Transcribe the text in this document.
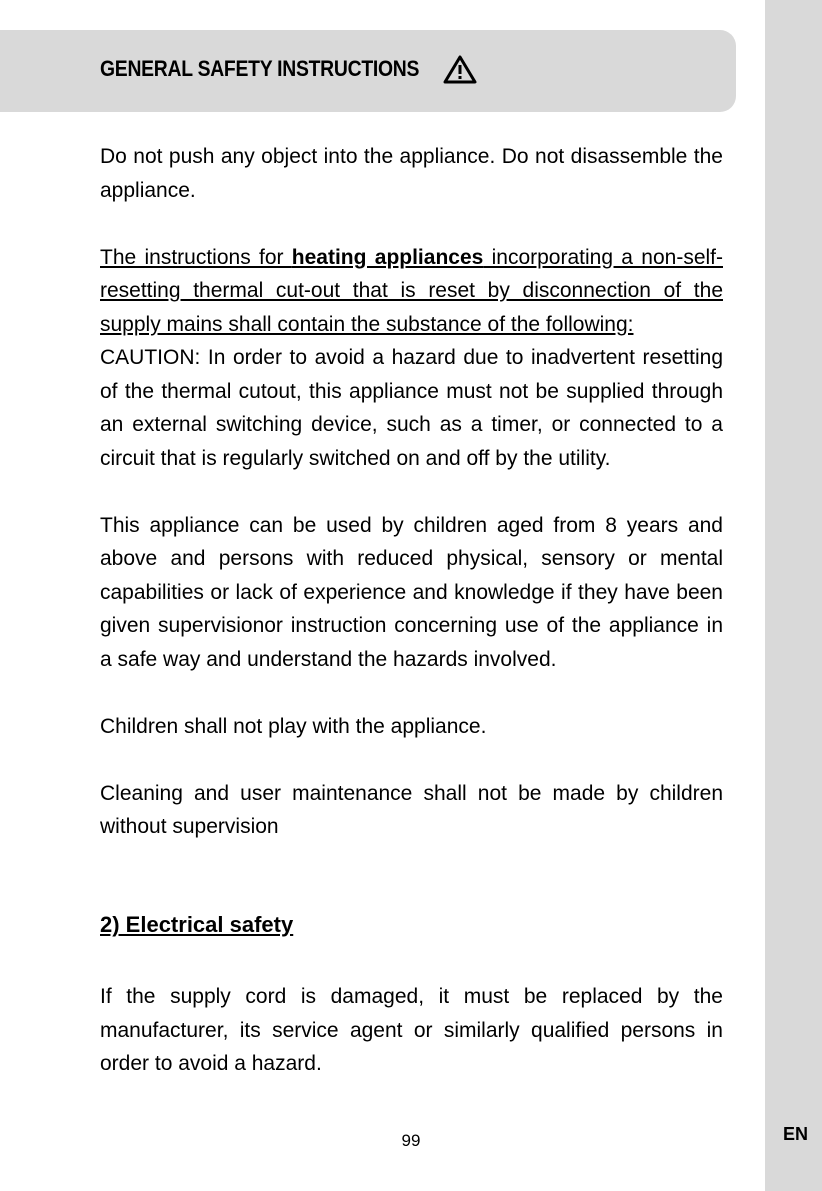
GENERAL SAFETY INSTRUCTIONS

Do not push any object into the appliance. Do not disassemble the appliance.

The instructions for heating appliances incorporating a non-self-resetting thermal cut-out that is reset by disconnection of the supply mains shall contain the substance of the following:

CAUTION: In order to avoid a hazard due to inadvertent resetting of the thermal cutout, this appliance must not be supplied through an external switching device, such as a timer, or connected to a circuit that is regularly switched on and off by the utility.

This appliance can be used by children aged from 8 years and above and persons with reduced physical, sensory or mental capabilities or lack of experience and knowledge if they have been given supervisionor instruction concerning use of the appliance in a safe way and understand the hazards involved.

Children shall not play with the appliance.

Cleaning and user maintenance shall not be made by children without supervision

2) Electrical safety
If the supply cord is damaged, it must be replaced by the manufacturer, its service agent or similarly qualified persons in order to avoid a hazard.
99	EN
